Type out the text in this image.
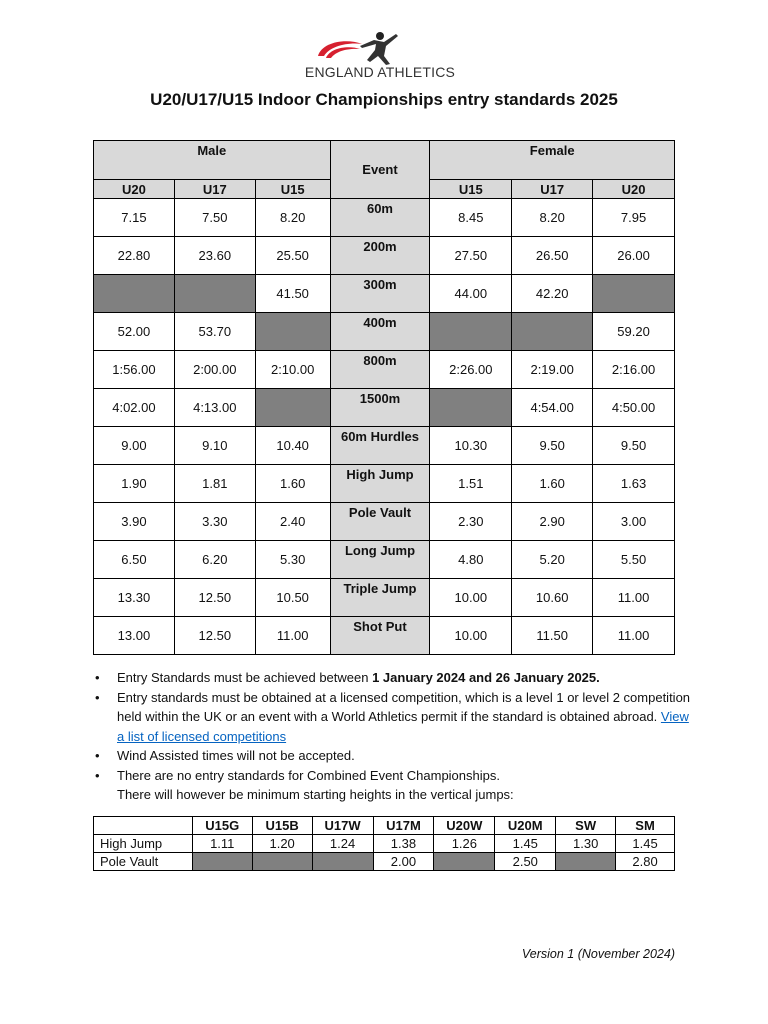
ENGLAND ATHLETICS
U20/U17/U15 Indoor Championships entry standards 2025
Male			Event	Female		
U20	U17	U15		U15	U17	U20
7.15	7.50	8.20	60m	8.45	8.20	7.95
22.80	23.60	25.50	200m	27.50	26.50	26.00
		41.50	300m	44.00	42.20	
52.00	53.70		400m			59.20
1:56.00	2:00.00	2:10.00	800m	2:26.00	2:19.00	2:16.00
4:02.00	4:13.00		1500m		4:54.00	4:50.00
9.00	9.10	10.40	60m Hurdles	10.30	9.50	9.50
1.90	1.81	1.60	High Jump	1.51	1.60	1.63
3.90	3.30	2.40	Pole Vault	2.30	2.90	3.00
6.50	6.20	5.30	Long Jump	4.80	5.20	5.50
13.30	12.50	10.50	Triple Jump	10.00	10.60	11.00
13.00	12.50	11.00	Shot Put	10.00	11.50	11.00
• Entry Standards must be achieved between 1 January 2024 and 26 January 2025.
• Entry standards must be obtained at a licensed competition, which is a level 1 or level 2 competition held within the UK or an event with a World Athletics permit if the standard is obtained abroad. View a list of licensed competitions
• Wind Assisted times will not be accepted.
• There are no entry standards for Combined Event Championships.
There will however be minimum starting heights in the vertical jumps:
	U15G	U15B	U17W	U17M	U20W	U20M	SW	SM
High Jump	1.11	1.20	1.24	1.38	1.26	1.45	1.30	1.45
Pole Vault				2.00		2.50		2.80
Version 1 (November 2024)
